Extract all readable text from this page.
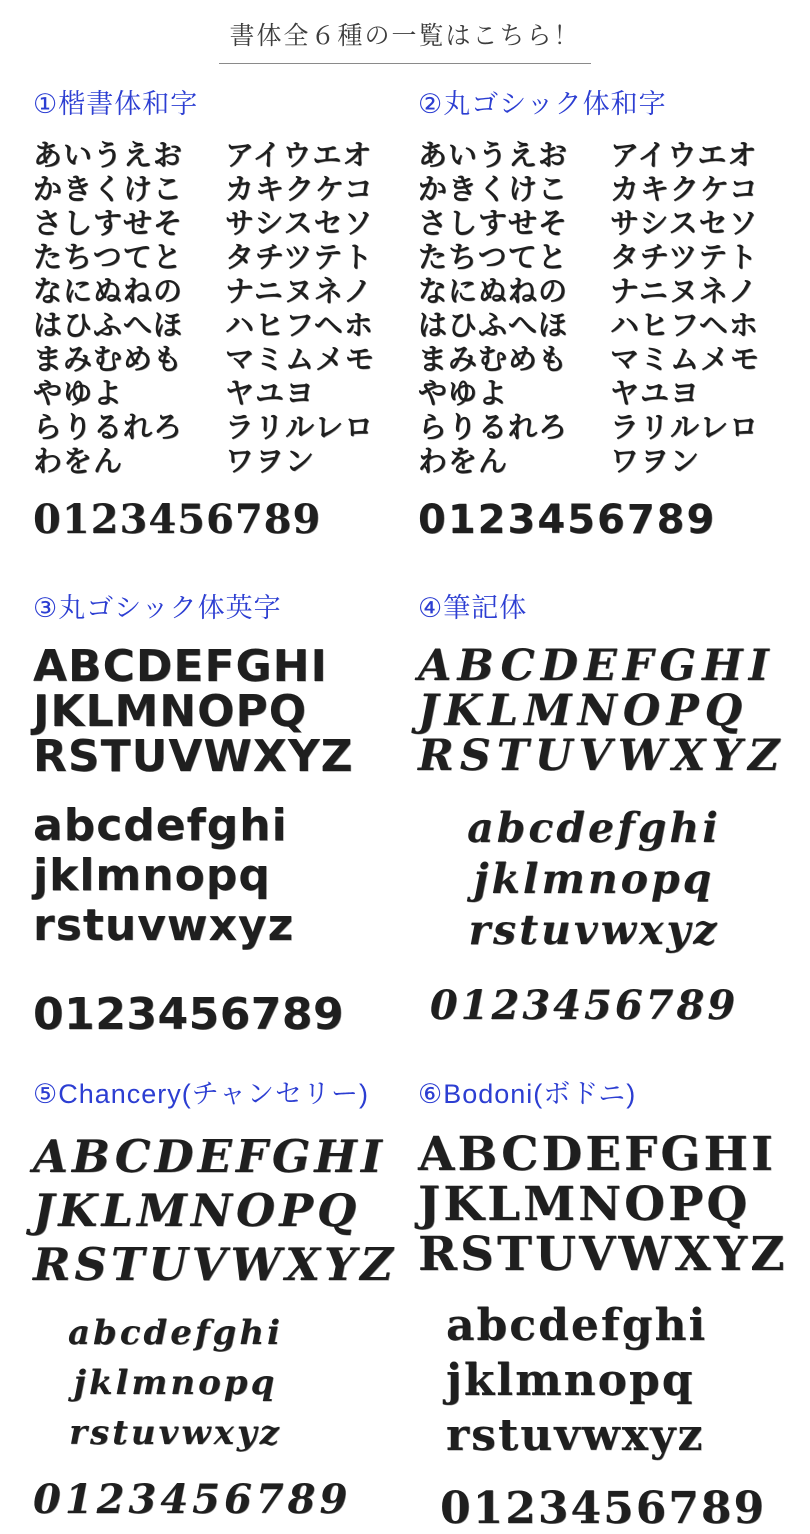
書体全６種の一覧はこちら！
①楷書体和字
あいうえお
かきくけこ
さしすせそ
たちつてと
なにぬねの
はひふへほ
まみむめも
やゆよ
らりるれろ
わをん
アイウエオ
カキクケコ
サシスセソ
タチツテト
ナニヌネノ
ハヒフヘホ
マミムメモ
ヤユヨ
ラリルレロ
ワヲン
0123456789
②丸ゴシック体和字
あいうえお
かきくけこ
さしすせそ
たちつてと
なにぬねの
はひふへほ
まみむめも
やゆよ
らりるれろ
わをん
アイウエオ
カキクケコ
サシスセソ
タチツテト
ナニヌネノ
ハヒフヘホ
マミムメモ
ヤユヨ
ラリルレロ
ワヲン
0123456789
③丸ゴシック体英字
ABCDEFGHI
JKLMNOPQ
RSTUVWXYZ
abcdefghi
jklmnopq
rstuvwxyz
0123456789
④筆記体
ABCDEFGHI
JKLMNOPQ
RSTUVWXYZ
abcdefghi
jklmnopq
rstuvwxyz
0123456789
⑤Chancery(チャンセリー)
ABCDEFGHI
JKLMNOPQ
RSTUVWXYZ
abcdefghi
jklmnopq
rstuvwxyz
0123456789
⑥Bodoni(ボドニ)
ABCDEFGHI
JKLMNOPQ
RSTUVWXYZ
abcdefghi
jklmnopq
rstuvwxyz
0123456789
